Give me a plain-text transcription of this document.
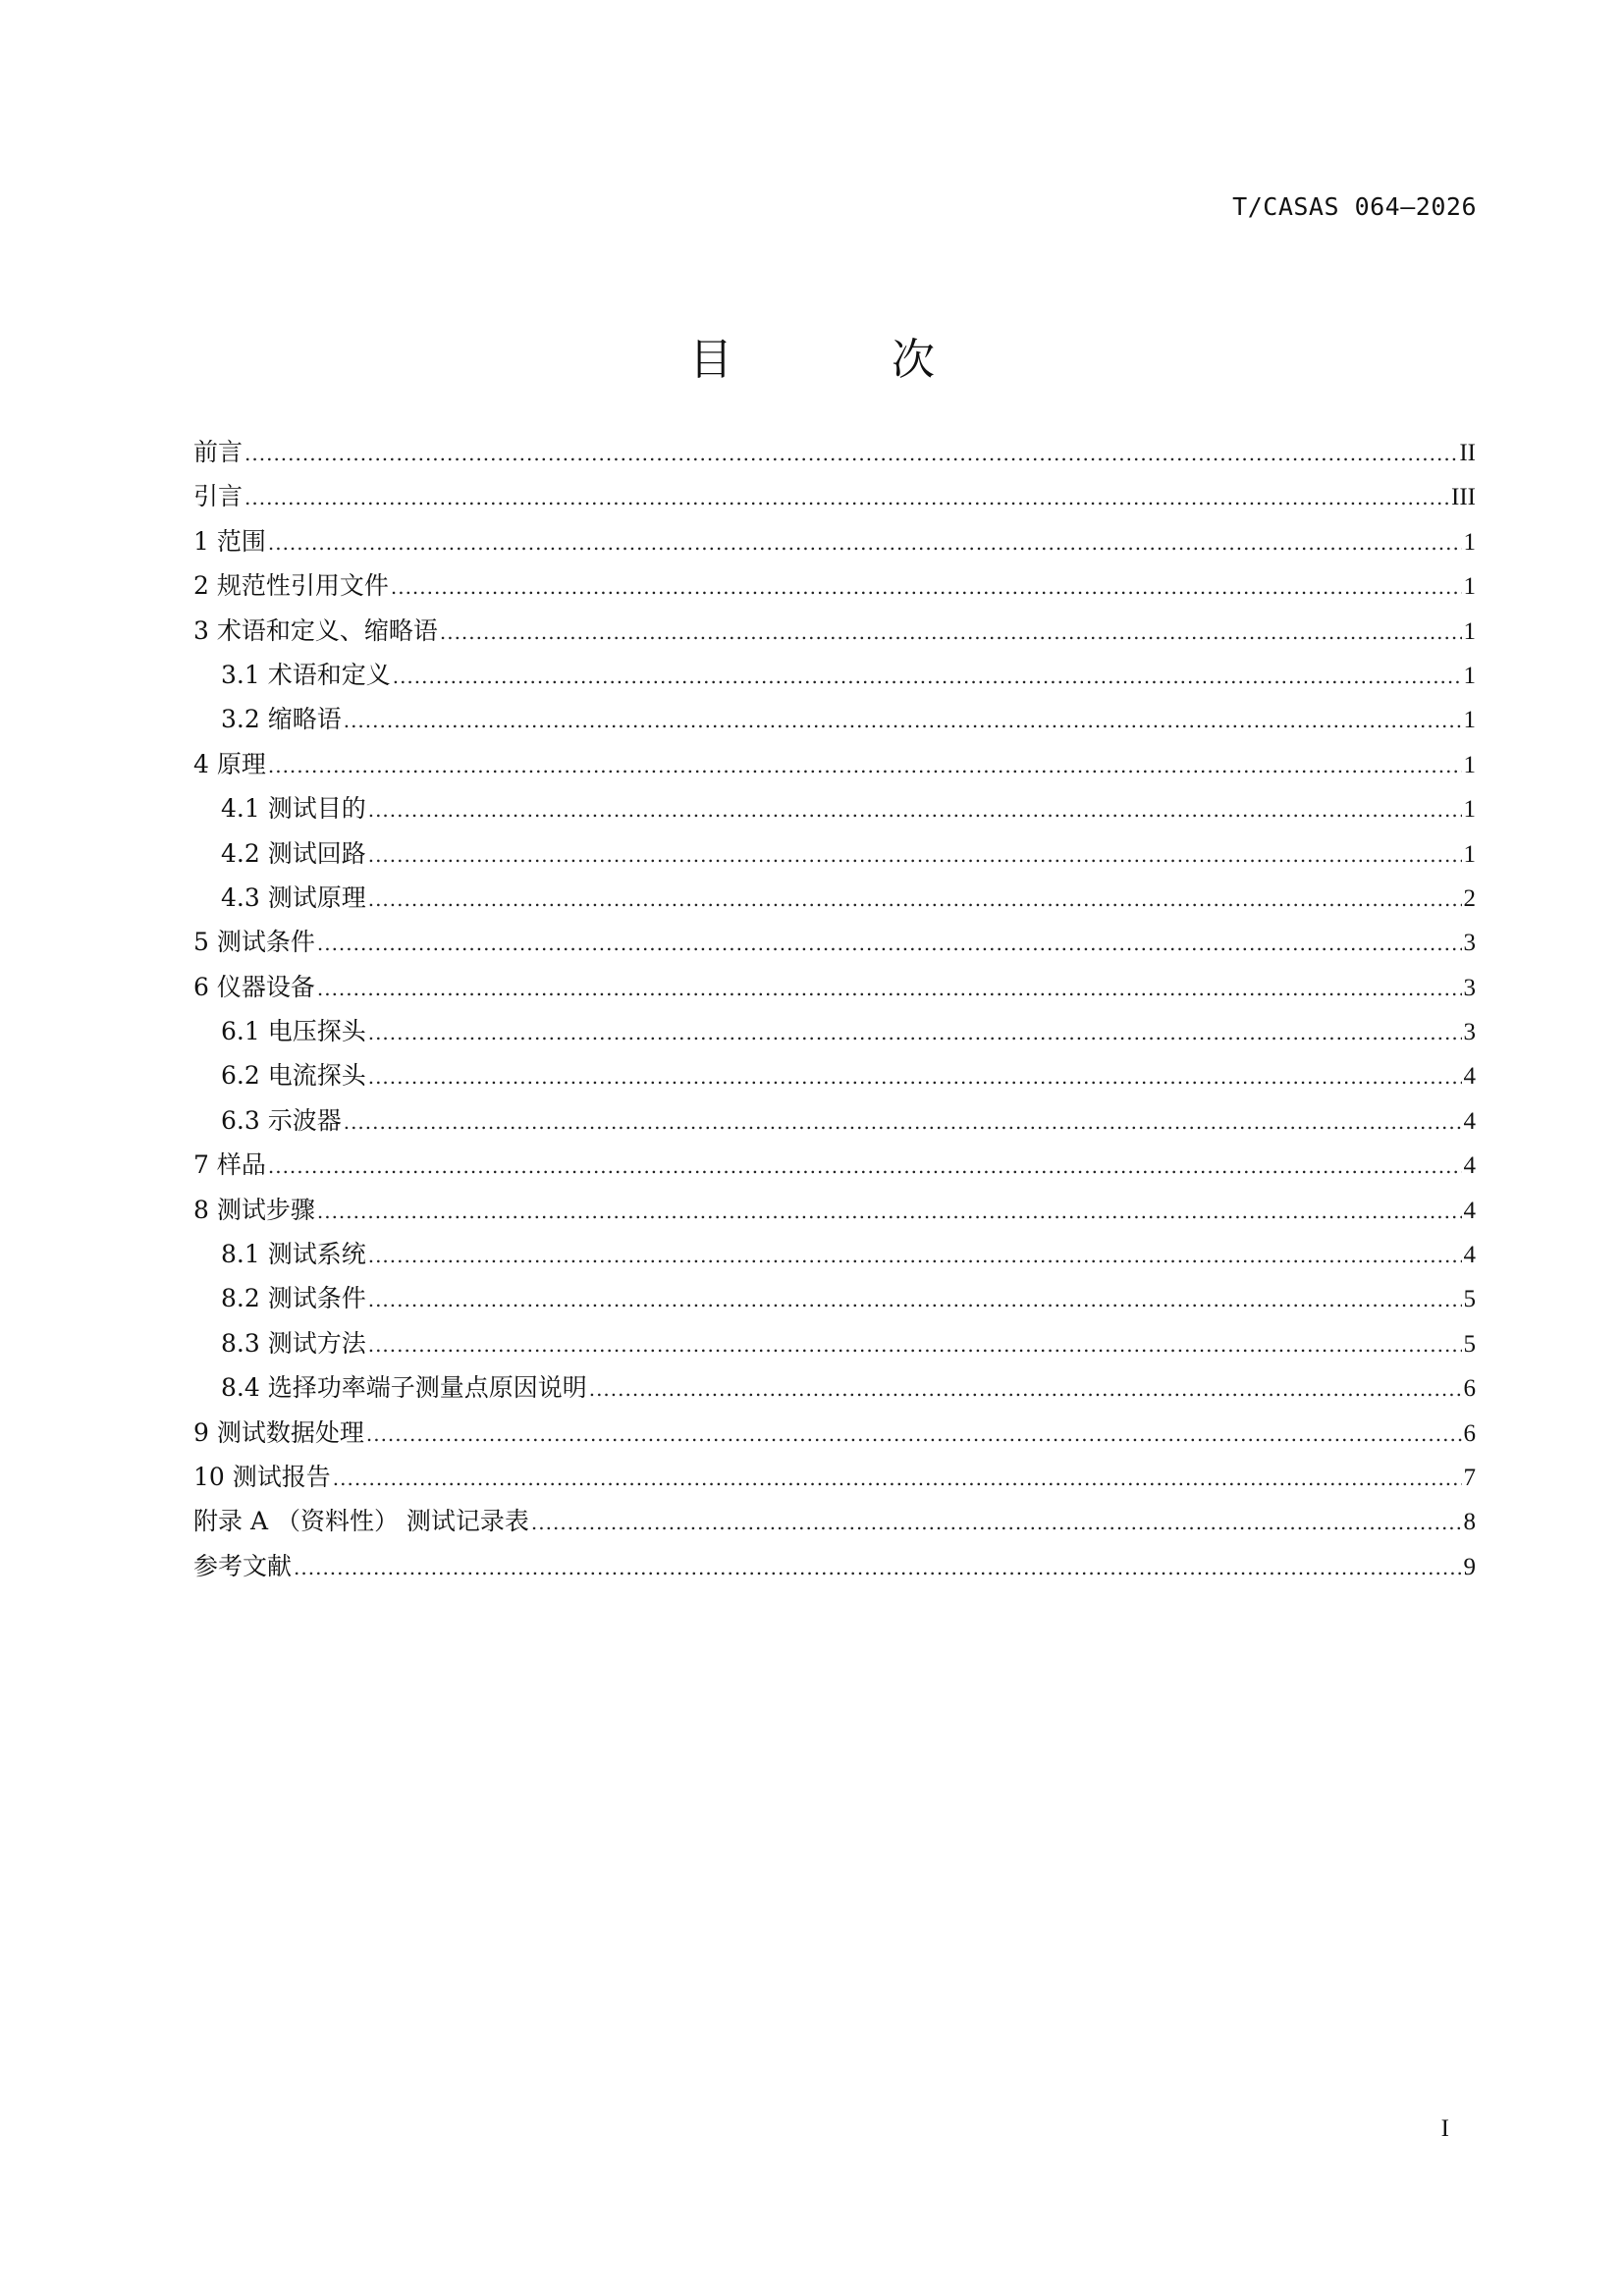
T/CASAS 064—2026
目 次
前言 .....	II
引言 .....	III
1 范围 .....	1
2 规范性引用文件 .....	1
3 术语和定义、缩略语 .....	1
3.1 术语和定义 .....	1
3.2 缩略语 .....	1
4 原理 .....	1
4.1 测试目的 .....	1
4.2 测试回路 .....	1
4.3 测试原理 .....	2
5 测试条件 .....	3
6 仪器设备 .....	3
6.1 电压探头 .....	3
6.2 电流探头 .....	4
6.3 示波器 .....	4
7 样品 .....	4
8 测试步骤 .....	4
8.1 测试系统 .....	4
8.2 测试条件 .....	5
8.3 测试方法 .....	5
8.4 选择功率端子测量点原因说明 .....	6
9 测试数据处理 .....	6
10 测试报告 .....	7
附录 A （资料性） 测试记录表 .....	8
参考文献 .....	9
I
